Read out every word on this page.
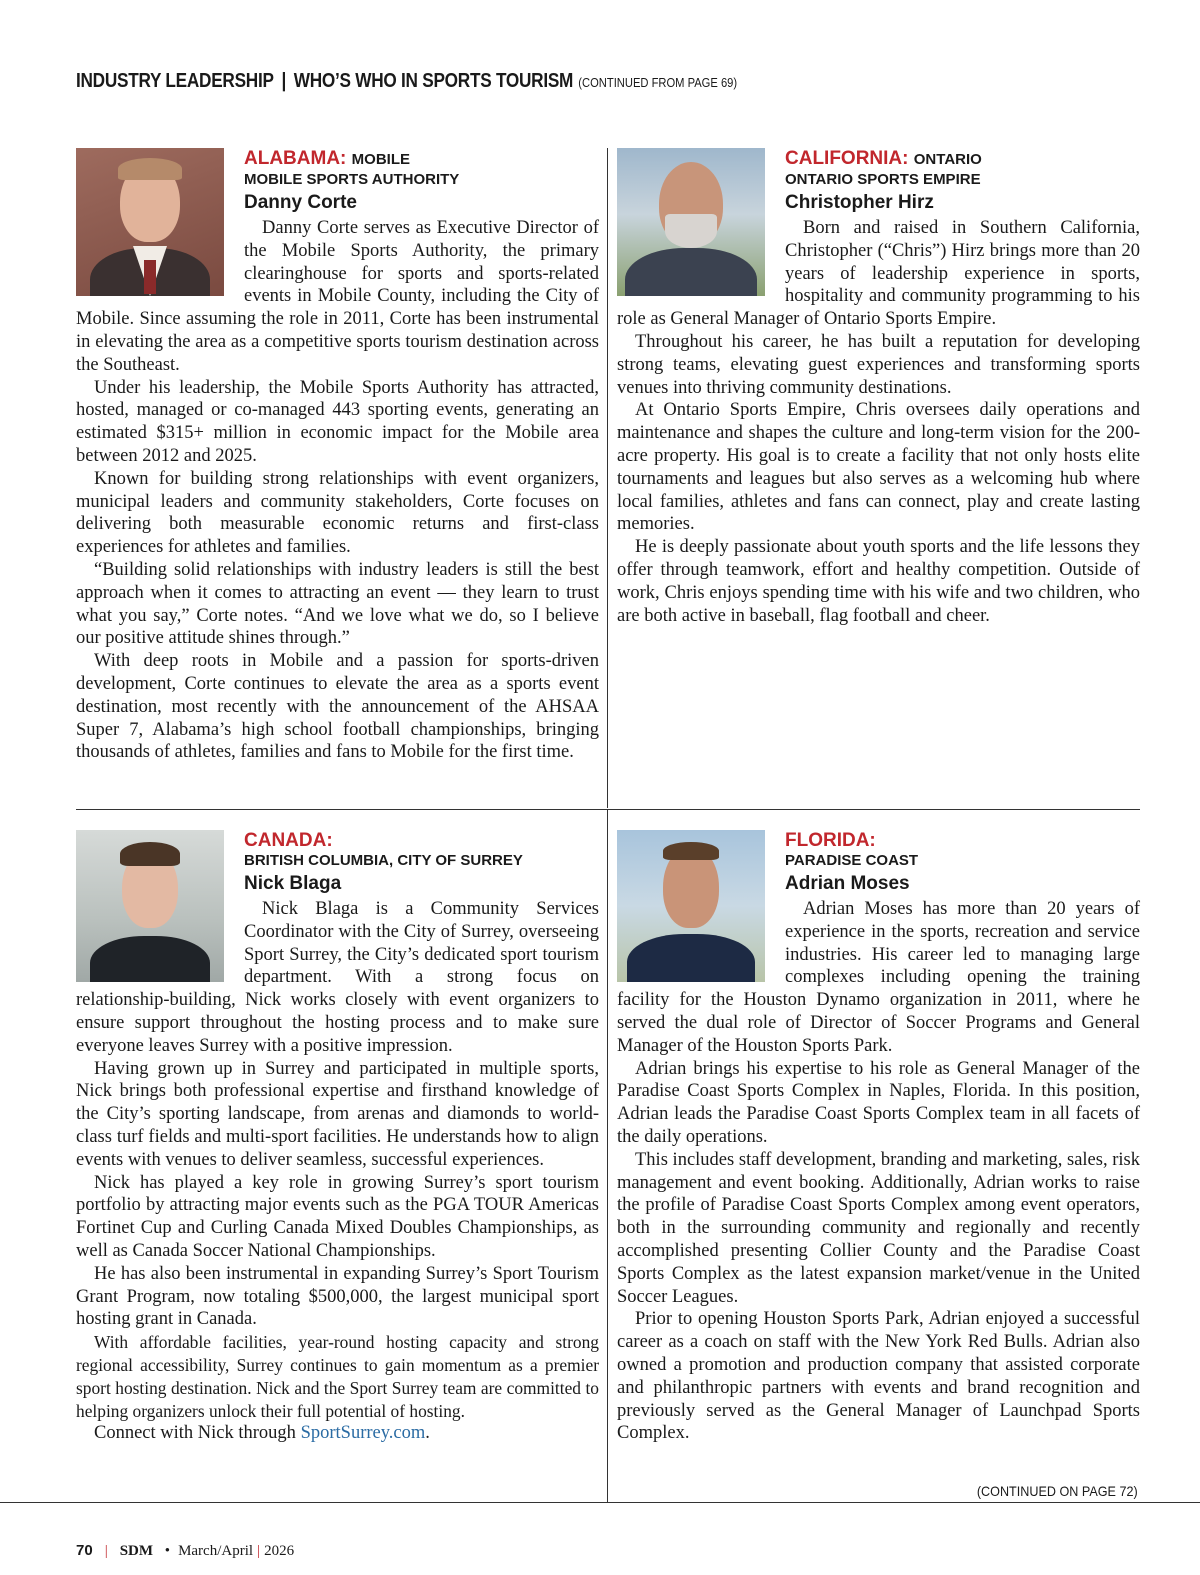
INDUSTRY LEADERSHIP | WHO’S WHO IN SPORTS TOURISM (CONTINUED FROM PAGE 69)
ALABAMA: MOBILE
MOBILE SPORTS AUTHORITY
Danny Corte

Danny Corte serves as Executive Director of the Mobile Sports Authority, the primary clearinghouse for sports and sports-related events in Mobile County, including the City of Mobile. Since assuming the role in 2011, Corte has been instrumental in elevating the area as a competitive sports tourism destination across the Southeast.

Under his leadership, the Mobile Sports Authority has attracted, hosted, managed or co-managed 443 sporting events, generating an estimated $315+ million in economic impact for the Mobile area between 2012 and 2025.

Known for building strong relationships with event organizers, municipal leaders and community stakeholders, Corte focuses on delivering both measurable economic returns and first-class experiences for athletes and families.

“Building solid relationships with industry leaders is still the best approach when it comes to attracting an event — they learn to trust what you say,” Corte notes. “And we love what we do, so I believe our positive attitude shines through.”

With deep roots in Mobile and a passion for sports-driven development, Corte continues to elevate the area as a sports event destination, most recently with the announcement of the AHSAA Super 7, Alabama’s high school football championships, bringing thousands of athletes, families and fans to Mobile for the first time.

CALIFORNIA: ONTARIO
ONTARIO SPORTS EMPIRE
Christopher Hirz

Born and raised in Southern California, Christopher (“Chris”) Hirz brings more than 20 years of leadership experience in sports, hospitality and community programming to his role as General Manager of Ontario Sports Empire.

Throughout his career, he has built a reputation for developing strong teams, elevating guest experiences and transforming sports venues into thriving community destinations.

At Ontario Sports Empire, Chris oversees daily operations and maintenance and shapes the culture and long-term vision for the 200-acre property. His goal is to create a facility that not only hosts elite tournaments and leagues but also serves as a welcoming hub where local families, athletes and fans can connect, play and create lasting memories.

He is deeply passionate about youth sports and the life lessons they offer through teamwork, effort and healthy competition. Outside of work, Chris enjoys spending time with his wife and two children, who are both active in baseball, flag football and cheer.

CANADA:
BRITISH COLUMBIA, CITY OF SURREY
Nick Blaga

Nick Blaga is a Community Services Coordinator with the City of Surrey, overseeing Sport Surrey, the City’s dedicated sport tourism department. With a strong focus on relationship-building, Nick works closely with event organizers to ensure support throughout the hosting process and to make sure everyone leaves Surrey with a positive impression.

Having grown up in Surrey and participated in multiple sports, Nick brings both professional expertise and firsthand knowledge of the City’s sporting landscape, from arenas and diamonds to world-class turf fields and multi-sport facilities. He understands how to align events with venues to deliver seamless, successful experiences.

Nick has played a key role in growing Surrey’s sport tourism portfolio by attracting major events such as the PGA TOUR Americas Fortinet Cup and Curling Canada Mixed Doubles Championships, as well as Canada Soccer National Championships.

He has also been instrumental in expanding Surrey’s Sport Tourism Grant Program, now totaling $500,000, the largest municipal sport hosting grant in Canada.

With affordable facilities, year-round hosting capacity and strong regional accessibility, Surrey continues to gain momentum as a premier sport hosting destination. Nick and the Sport Surrey team are committed to helping organizers unlock their full potential of hosting.

Connect with Nick through SportSurrey.com.

FLORIDA:
PARADISE COAST
Adrian Moses

Adrian Moses has more than 20 years of experience in the sports, recreation and service industries. His career led to managing large complexes including opening the training facility for the Houston Dynamo organization in 2011, where he served the dual role of Director of Soccer Programs and General Manager of the Houston Sports Park.

Adrian brings his expertise to his role as General Manager of the Paradise Coast Sports Complex in Naples, Florida. In this position, Adrian leads the Paradise Coast Sports Complex team in all facets of the daily operations.

This includes staff development, branding and marketing, sales, risk management and event booking. Additionally, Adrian works to raise the profile of Paradise Coast Sports Complex among event operators, both in the surrounding community and regionally and recently accomplished presenting Collier County and the Paradise Coast Sports Complex as the latest expansion market/venue in the United Soccer Leagues.

Prior to opening Houston Sports Park, Adrian enjoyed a successful career as a coach on staff with the New York Red Bulls. Adrian also owned a promotion and production company that assisted corporate and philanthropic partners with events and brand recognition and previously served as the General Manager of Launchpad Sports Complex.

(CONTINUED ON PAGE 72)
70 | SDM • March/April | 2026
